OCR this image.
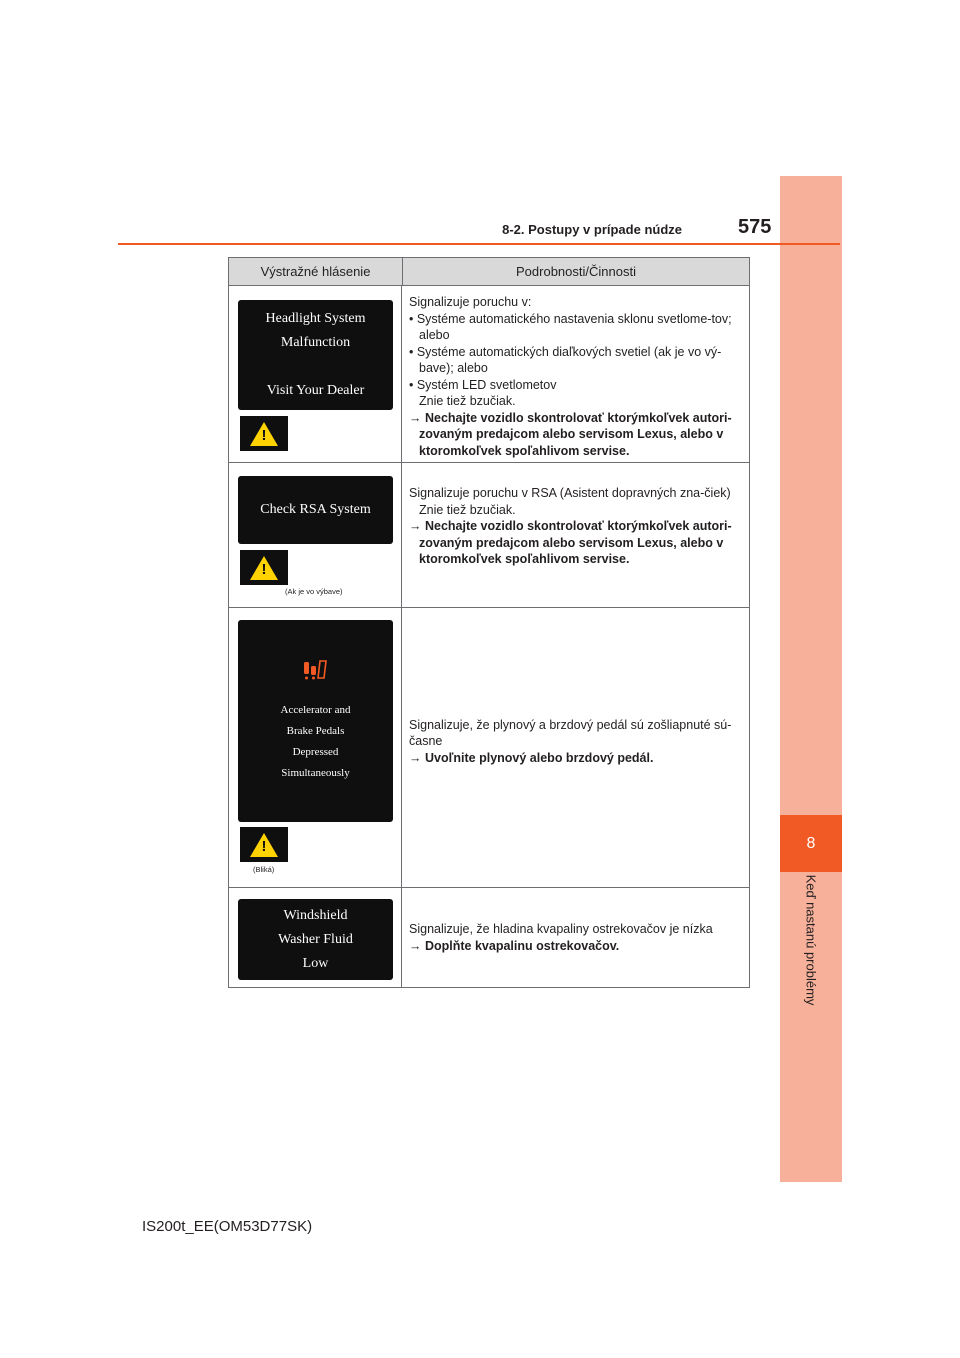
8
Keď nastanú problémy
8-2. Postupy v prípade núdze	575
Výstražné hlásenie	Podrobnosti/Činnosti
Headlight System
Malfunction

Visit Your Dealer
!

Signalizuje poruchu v:

• Systéme automatického nastavenia sklonu svetlome-tov; alebo

• Systéme automatických diaľkových svetiel (ak je vo vý-bave); alebo

• Systém LED svetlometov

Znie tiež bzučiak.

→ Nechajte vozidlo skontrolovať ktorýmkoľvek autori-zovaným predajcom alebo servisom Lexus, alebo v ktoromkoľvek spoľahlivom servise.

Check RSA System
!
(Ak je vo výbave)

Signalizuje poruchu v RSA (Asistent dopravných zna-čiek)

Znie tiež bzučiak.

→ Nechajte vozidlo skontrolovať ktorýmkoľvek autori-zovaným predajcom alebo servisom Lexus, alebo v ktoromkoľvek spoľahlivom servise.

Accelerator and
Brake Pedals
Depressed
Simultaneously
!
(Bliká)

Signalizuje, že plynový a brzdový pedál sú zošliapnuté sú-časne

→ Uvoľnite plynový alebo brzdový pedál.

Windshield
Washer Fluid
Low

Signalizuje, že hladina kvapaliny ostrekovačov je nízka

→ Doplňte kvapalinu ostrekovačov.

IS200t_EE(OM53D77SK)
